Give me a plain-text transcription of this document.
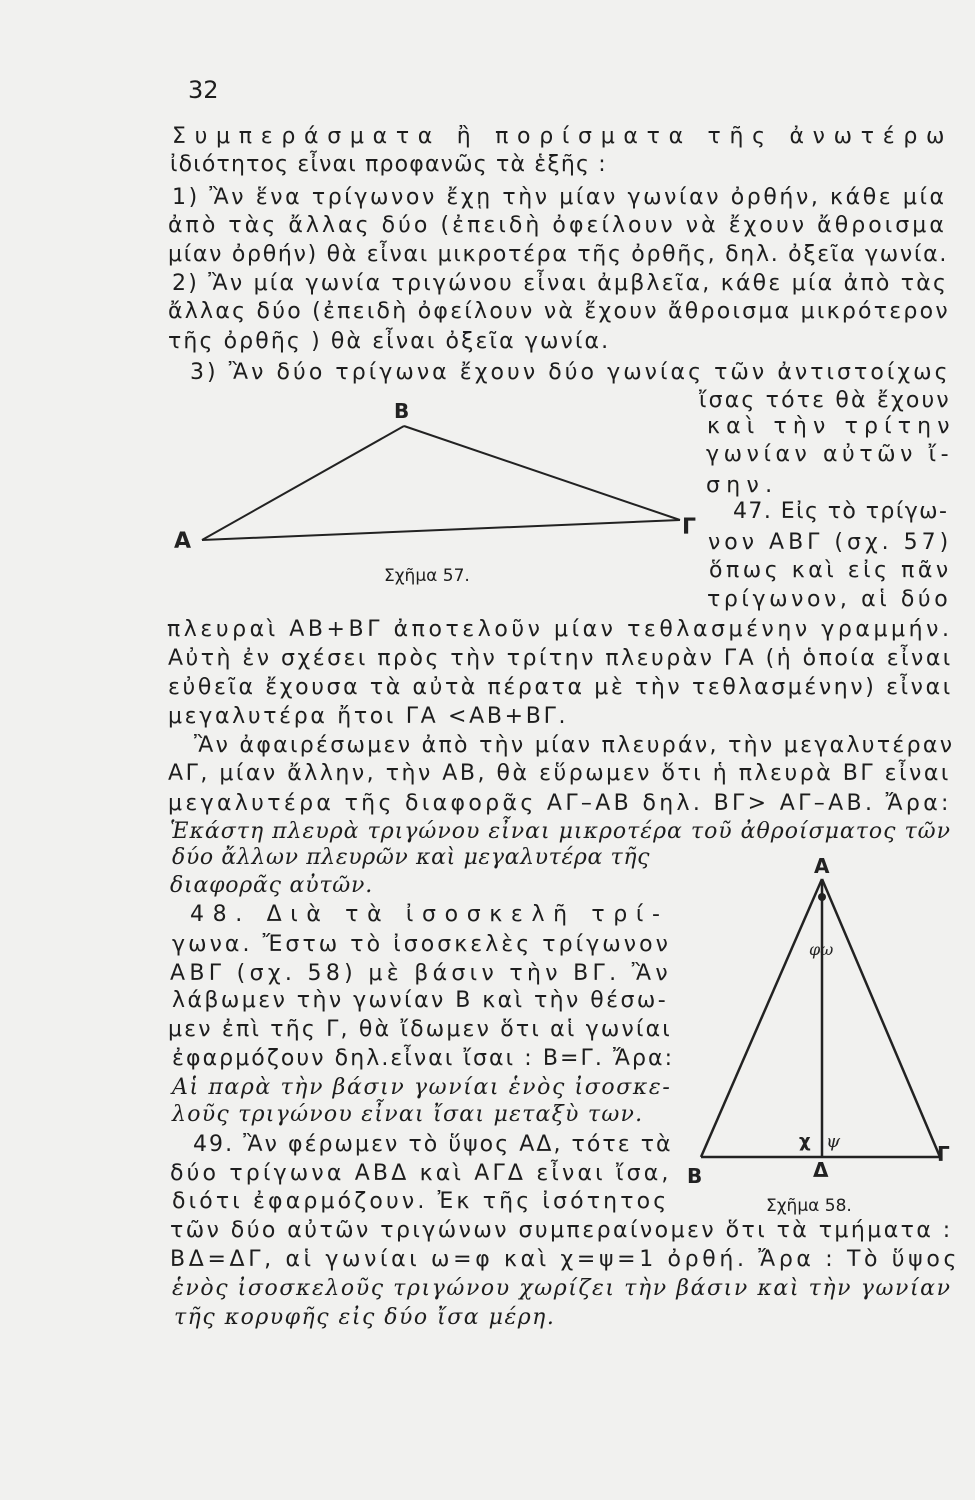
32
Συμπεράσματα ἢ πορίσματα τῆς ἀνωτέρω
ἰδιότητος εἶναι προφανῶς τὰ ἑξῆς :
1) Ἂν ἕνα τρίγωνον ἔχῃ τὴν μίαν γωνίαν ὀρθήν, κάθε μία
ἀπὸ τὰς ἄλλας δύο (ἐπειδὴ ὀφείλουν νὰ ἔχουν ἄθροισμα
μίαν ὀρθήν) θὰ εἶναι μικροτέρα τῆς ὀρθῆς, δηλ. ὀξεῖα γωνία.
2) Ἂν μία γωνία τριγώνου εἶναι ἀμβλεῖα, κάθε μία ἀπὸ τὰς
ἄλλας δύο (ἐπειδὴ ὀφείλουν νὰ ἔχουν ἄθροισμα μικρότερον
τῆς ὀρθῆς ) θὰ εἶναι ὀξεῖα γωνία.
3) Ἂν δύο τρίγωνα ἔχουν δύο γωνίας τῶν ἀντιστοίχως
ἴσας τότε θὰ ἔχουν
καὶ τὴν τρίτην
γωνίαν αὐτῶν ἴ-
σην.
47. Εἰς τὸ τρίγω-
νον ΑΒΓ (σχ. 57)
ὅπως καὶ εἰς πᾶν
τρίγωνον, αἱ δύο
πλευραὶ ΑΒ+ΒΓ ἀποτελοῦν μίαν τεθλασμένην γραμμήν.
Αὐτὴ ἐν σχέσει πρὸς τὴν τρίτην πλευρὰν ΓΑ (ἡ ὁποία εἶναι
εὐθεῖα ἔχουσα τὰ αὐτὰ πέρατα μὲ τὴν τεθλασμένην) εἶναι
μεγαλυτέρα ἤτοι ΓΑ <ΑΒ+ΒΓ.
Ἂν ἀφαιρέσωμεν ἀπὸ τὴν μίαν πλευράν, τὴν μεγαλυτέραν
ΑΓ, μίαν ἄλλην, τὴν ΑΒ, θὰ εὕρωμεν ὅτι ἡ πλευρὰ ΒΓ εἶναι
μεγαλυτέρα τῆς διαφορᾶς ΑΓ–ΑΒ δηλ. ΒΓ> ΑΓ–ΑΒ. Ἄρα:
Ἑκάστη πλευρὰ τριγώνου εἶναι μικροτέρα τοῦ ἀθροίσματος τῶν
δύο ἄλλων πλευρῶν καὶ μεγαλυτέρα τῆς
διαφορᾶς αὐτῶν.
48. Διὰ τὰ ἰσοσκελῆ τρί-
γωνα. Ἔστω τὸ ἰσοσκελὲς τρίγωνον
ΑΒΓ (σχ. 58) μὲ βάσιν τὴν ΒΓ. Ἂν
λάβωμεν τὴν γωνίαν Β καὶ τὴν θέσω-
μεν ἐπὶ τῆς Γ, θὰ ἴδωμεν ὅτι αἱ γωνίαι
ἐφαρμόζουν δηλ.εἶναι ἴσαι : Β=Γ. Ἄρα:
Αἱ παρὰ τὴν βάσιν γωνίαι ἑνὸς ἰσοσκε-
λοῦς τριγώνου εἶναι ἴσαι μεταξὺ των.
49. Ἂν φέρωμεν τὸ ὕψος ΑΔ, τότε τὰ
δύο τρίγωνα ΑΒΔ καὶ ΑΓΔ εἶναι ἴσα,
διότι ἐφαρμόζουν. Ἐκ τῆς ἰσότητος
τῶν δύο αὐτῶν τριγώνων συμπεραίνομεν ὅτι τὰ τμήματα :
ΒΔ=ΔΓ, αἱ γωνίαι ω=φ καὶ χ=ψ=1 ὀρθή. Ἄρα : Τὸ ὕψος
ἑνὸς ἰσοσκελοῦς τριγώνου χωρίζει τὴν βάσιν καὶ τὴν γωνίαν
τῆς κορυφῆς εἰς δύο ἴσα μέρη.
Α
Β
Γ
Σχῆμα 57.
Α
φω
χ ψ
Β	Δ
Γ
Σχῆμα 58.
